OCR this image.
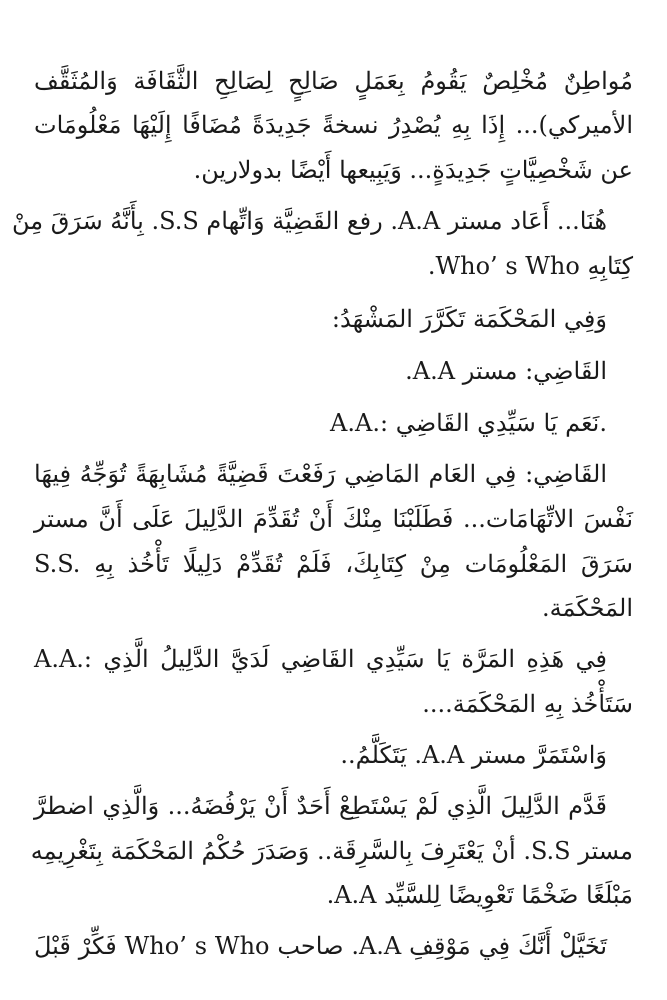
مُواطِنٌ مُخْلِصٌ يَقُومُ بِعَمَلٍ صَالِحٍ لِصَالِحِ الثَّقَافَة وَالمُثَقَّف
الأميركي)... إِذَا بِهِ يُصْدِرُ نسخةً جَدِيدَةً مُضَافًا إِلَيْهَا مَعْلُومَات
عن شَخْصِيَّاتٍ جَدِيدَةٍ... وَيَبِيعها أَيْضًا بدولارين.
هُنَا... أَعَاد مستر A.A. رفع القَضِيَّة وَاتِّهام S.S. بِأَنَّهُ سَرَقَ مِنْ
كِتَابِهِ Who’ s Who.
وَفِي المَحْكَمَة تَكَرَّرَ المَشْهَدُ:
القَاضِي: مستر A.A.
A.A.: نَعَم يَا سَيِّدِي القَاضِي.
القَاضِي: فِي العَام المَاضِي رَفَعْتَ قَضِيَّةً مُشَابِهَةً تُوَجِّهُ فِيهَا
نَفْسَ الاتِّهَامَات... فَطَلَبْنَا مِنْكَ أَنْ تُقَدِّمَ الدَّلِيلَ عَلَى أَنَّ مستر
S.S. سَرَقَ المَعْلُومَات مِنْ كِتَابِكَ، فَلَمْ تُقَدِّمْ دَلِيلًا تَأْخُذ بِهِ
المَحْكَمَة.
A.A.: فِي هَذِهِ المَرَّة يَا سَيِّدِي القَاضِي لَدَيَّ الدَّلِيلُ الَّذِي
سَتَأْخُذ بِهِ المَحْكَمَة....
وَاسْتَمَرَّ مستر A.A. يَتَكَلَّمُ..
قَدَّم الدَّلِيلَ الَّذِي لَمْ يَسْتَطِعْ أَحَدٌ أَنْ يَرْفُضَهُ... وَالَّذِي اضطرَّ
مستر S.S. أنْ يَعْتَرِفَ بِالسَّرِقَة.. وَصَدَرَ حُكْمُ المَحْكَمَة بِتَغْرِيمِه
مَبْلَغًا ضَخْمًا تَعْوِيضًا لِلسَّيِّد A.A.
تَخَيَّلْ أَنَّكَ فِي مَوْقِفِ A.A. صاحب Who’ s Who فَكِّرْ قَبْلَ
